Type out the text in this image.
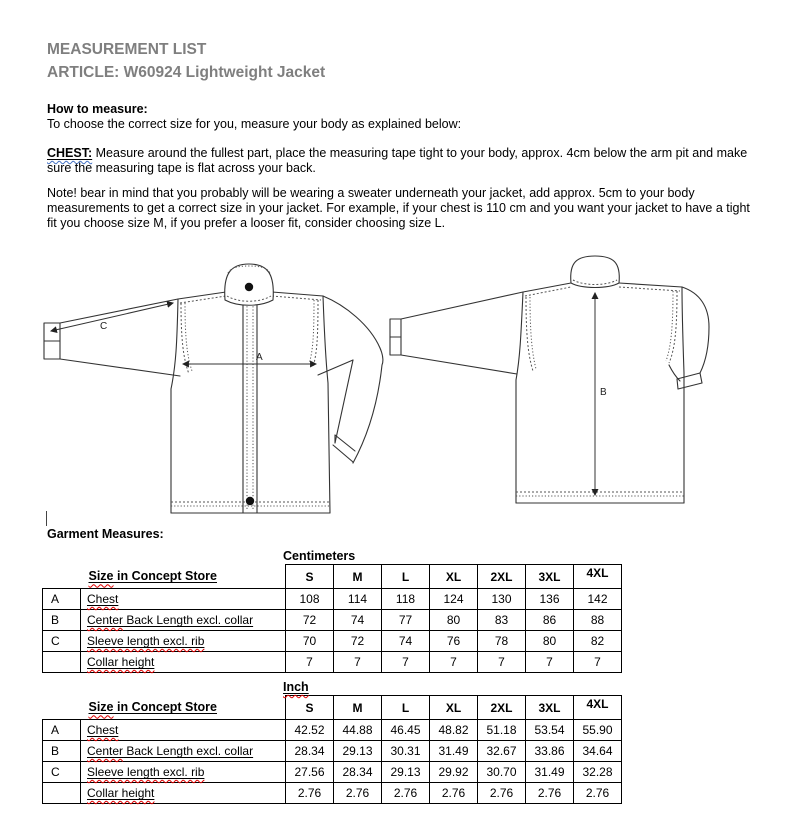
MEASUREMENT LIST
ARTICLE: W60924 Lightweight Jacket

How to measure:

To choose the correct size for you, measure your body as explained below:

CHEST: Measure around the fullest part, place the measuring tape tight to your body, approx. 4cm below the arm pit and make sure the measuring tape is flat across your back.

Note! bear in mind that you probably will be wearing a sweater underneath your jacket, add approx. 5cm to your body measurements to get a correct size in your jacket. For example, if your chest is 110 cm and you want your jacket to have a tight fit you choose size M, if you prefer a looser fit, consider choosing size L.

Garment Measures:

Centimeters
	Size in Concept Store	S	M	L	XL	2XL	3XL	4XL
A	Chest	108	114	118	124	130	136	142
B	Center Back Length excl. collar	72	74	77	80	83	86	88
C	Sleeve length excl. rib	70	72	74	76	78	80	82
	Collar height	7	7	7	7	7	7	7
Inch
	Size in Concept Store	S	M	L	XL	2XL	3XL	4XL
A	Chest	42.52	44.88	46.45	48.82	51.18	53.54	55.90
B	Center Back Length excl. collar	28.34	29.13	30.31	31.49	32.67	33.86	34.64
C	Sleeve length excl. rib	27.56	28.34	29.13	29.92	30.70	31.49	32.28
	Collar height	2.76	2.76	2.76	2.76	2.76	2.76	2.76
A
C
B
